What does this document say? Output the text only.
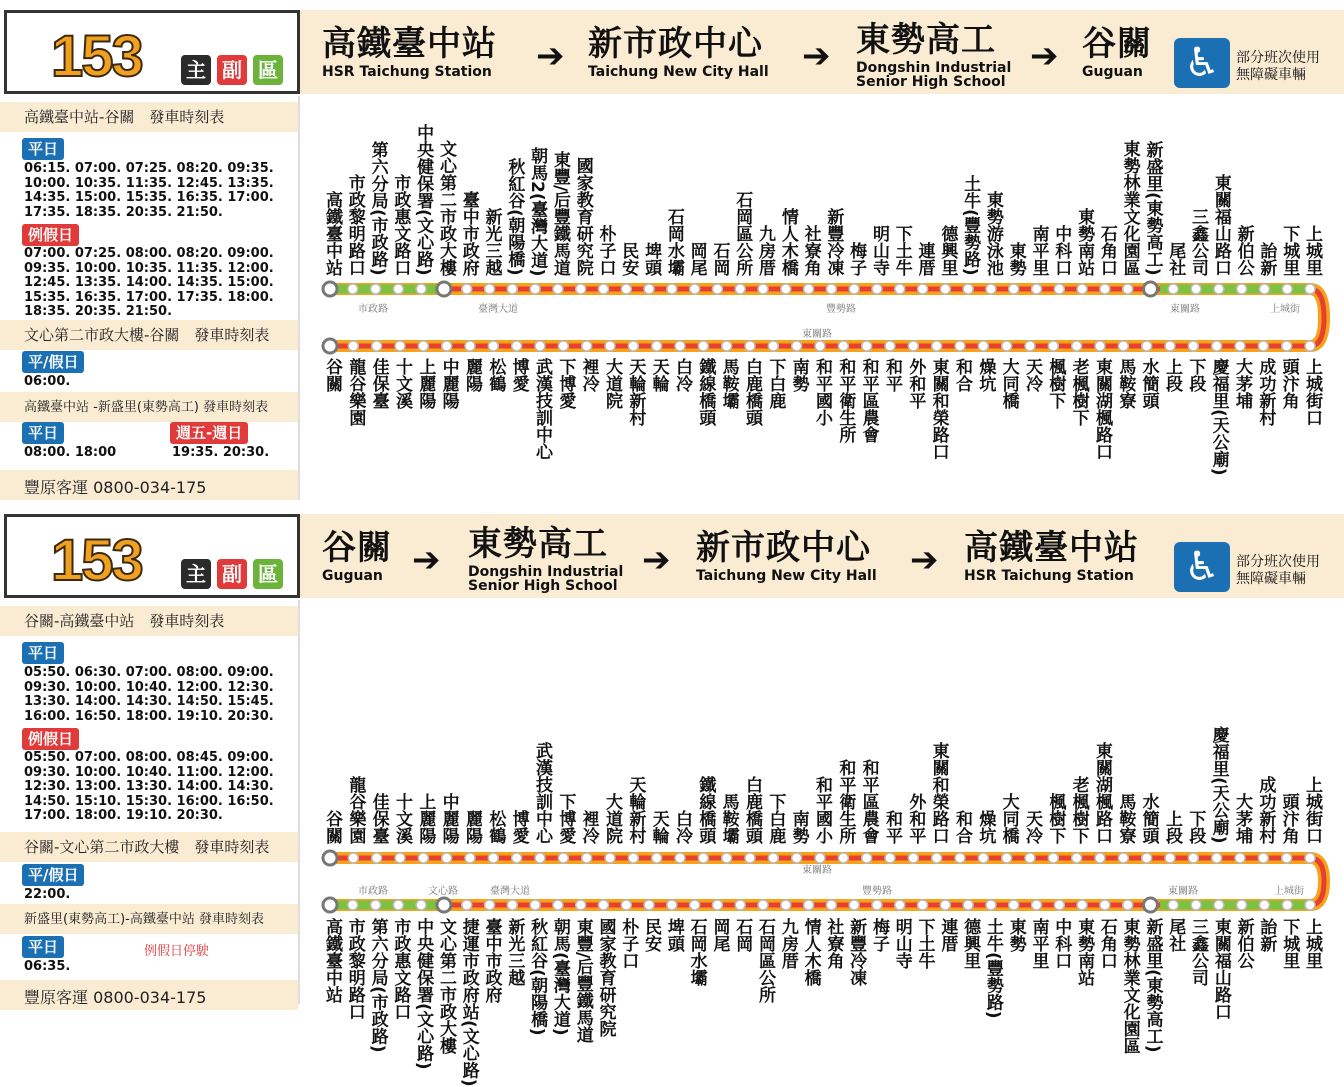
153 主 副 區
高鐵臺中站
HSR Taichung Station ➔ 新市政中心
Taichung New City Hall ➔ 東勢高工
Dongshin Industrial
Senior High School
➔ 谷關
Guguan ♿	部分班次使用
無障礙車輛
高鐵臺中站-谷關　發車時刻表
平日
06:15. 07:00. 07:25. 08:20. 09:35.
10:00. 10:35. 11:35. 12:45. 13:35.
14:35. 15:00. 15:35. 16:35. 17:00.
17:35. 18:35. 20:35. 21:50.
例假日
07:00. 07:25. 08:00. 08:20. 09:00.
09:35. 10:00. 10:35. 11:35. 12:00.
12:45. 13:35. 14:00. 14:35. 15:00.
15:35. 16:35. 17:00. 17:35. 18:00.
18:35. 20:35. 21:50.
文心第二市政大樓-谷關　發車時刻表
平/假日
06:00.
高鐵臺中站 -新盛里(東勢高工) 發車時刻表
平日
08:00. 18:00
週五-週日
19:35. 20:30.
豐原客運 0800-034-175
高鐵臺中站 市政黎明路口 第六分局(市政路) 市政惠文路口 中央健保署(文心路) 文心第二市政大樓 臺中市政府 新光三越 秋紅谷(朝陽橋) 朝馬2(臺灣大道) 東豐/后豐鐵馬道 國家教育研究院 朴子口 民安 埤頭 石岡水壩 岡尾 石岡 石岡區公所 九房厝 情人木橋 社寮角 新豐冷凍 梅子 明山寺 下土牛 連厝 德興里 土牛(豐勢路) 東勢游泳池 東勢 南平里 中科口 東勢南站 石角口 東勢林業文化園區 新盛里(東勢高工) 尾社 三鑫公司 東關福山路口 新伯公 詒新 下城里 上城里
谷關 龍谷樂園 佳保臺 十文溪 上麗陽 中麗陽 麗陽 松鶴 博愛 武漢技訓中心 下博愛 裡冷 大道院 天輪新村 天輪 白冷 鐵線橋頭 馬鞍壩 白鹿橋頭 下白鹿 南勢 和平國小 和平衛生所 和平區農會 和平 外和平 東關和榮路口 和合 燥坑 大同橋 天冷 楓樹下 老楓樹下 東關湖楓路口 馬鞍寮 水簡頭 上段 下段 慶福里(天公廟) 大茅埔 成功新村 頭汴角 上城街口
市政路	臺灣大道	豐勢路
東關路
上城街
東關路
153 主 副 區
谷關
Guguan ➔ 東勢高工
Dongshin Industrial
Senior High School
➔ 新市政中心
Taichung New City Hall ➔ 高鐵臺中站
HSR Taichung Station ♿	部分班次使用
無障礙車輛
谷關-高鐵臺中站　發車時刻表
平日
05:50. 06:30. 07:00. 08:00. 09:00.
09:30. 10:00. 10:40. 12:00. 12:30.
13:30. 14:00. 14:30. 14:50. 15:45.
16:00. 16:50. 18:00. 19:10. 20:30.
例假日
05:50. 07:00. 08:00. 08:45. 09:00.
09:30. 10:00. 10:40. 11:00. 12:00.
12:30. 13:00. 13:30. 14:00. 14:30.
14:50. 15:10. 15:30. 16:00. 16:50.
17:00. 18:00. 19:10. 20:30.
谷關-文心第二市政大樓　發車時刻表
平/假日
22:00.
新盛里(東勢高工)-高鐵臺中站 發車時刻表
平日
06:35.
例假日停駛
豐原客運 0800-034-175
谷關 龍谷樂園 佳保臺 十文溪 上麗陽 中麗陽 麗陽 松鶴 博愛 武漢技訓中心 下博愛 裡冷 大道院 天輪新村 天輪 白冷 鐵線橋頭 馬鞍壩 白鹿橋頭 下白鹿 南勢 和平國小 和平衛生所 和平區農會 和平 外和平 東關和榮路口 和合 燥坑 大同橋 天冷 楓樹下 老楓樹下 東關湖楓路口 馬鞍寮 水簡頭 上段 下段 慶福里(天公廟) 大茅埔 成功新村 頭汴角 上城街口
高鐵臺中站 市政黎明路口 第六分局(市政路) 市政惠文路口 中央健保署(文心路) 文心第二市政大樓 捷運市政府站(文心路) 臺中市政府 新光三越 秋紅谷(朝陽橋) 朝馬(臺灣大道) 東豐/后豐鐵馬道 國家教育研究院 朴子口 民安 埤頭 石岡水壩 岡尾 石岡 石岡區公所 九房厝 情人木橋 社寮角 新豐冷凍 梅子 明山寺 下土牛 連厝 德興里 土牛(豐勢路) 東勢 南平里 中科口 東勢南站 石角口 東勢林業文化園區 新盛里(東勢高工) 尾社 三鑫公司 東關福山路口 新伯公 詒新 下城里 上城里
東關路
市政路	文心路	臺灣大道	豐勢路	東關路	上城街
